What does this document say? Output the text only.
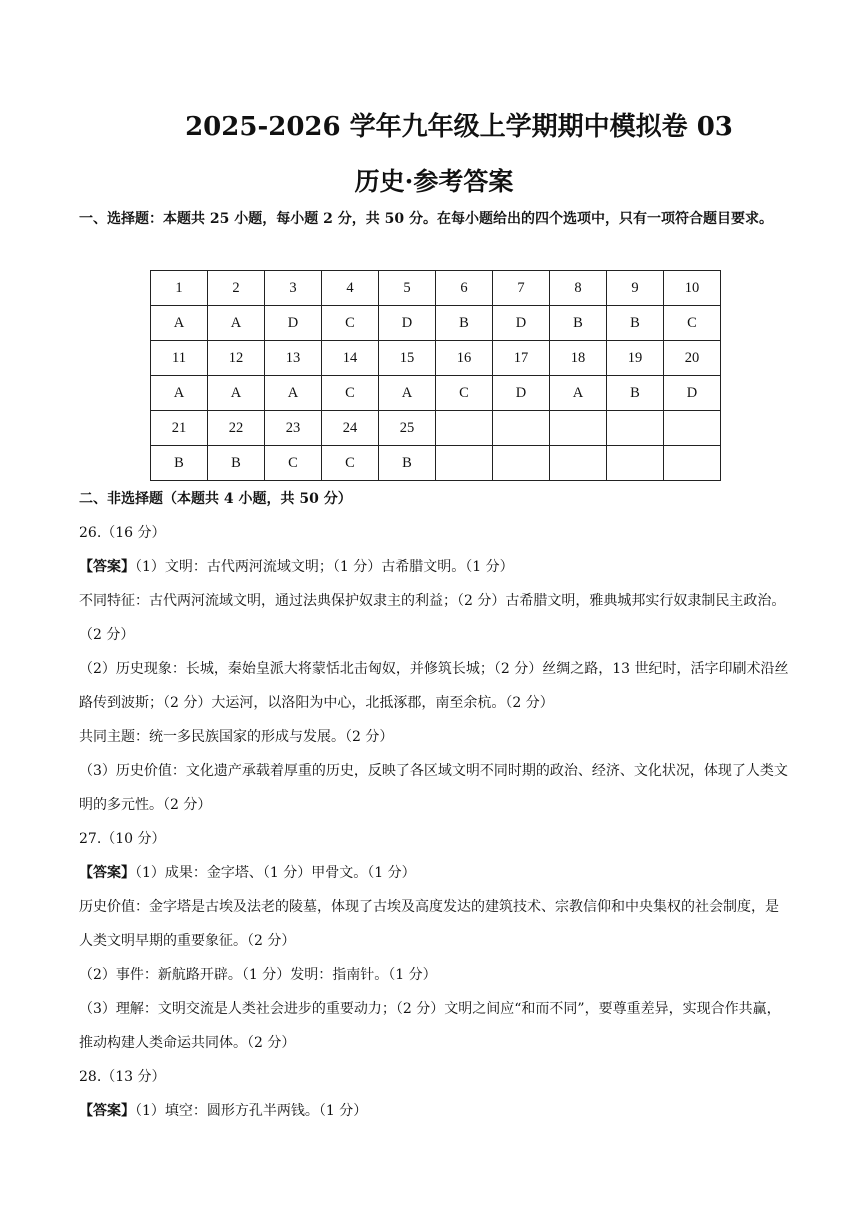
2025-2026 学年九年级上学期期中模拟卷 03
历史·参考答案
一、选择题：本题共 25 小题，每小题 2 分，共 50 分。在每小题给出的四个选项中，只有一项符合题目要求。
1	2	3	4	5	6	7	8	9	10
A	A	D	C	D	B	D	B	B	C
11	12	13	14	15	16	17	18	19	20
A	A	A	C	A	C	D	A	B	D
21	22	23	24	25					
B	B	C	C	B					
二、非选择题（本题共 4 小题，共 50 分）

26.（16 分）

【答案】（1）文明：古代两河流域文明；（1 分）古希腊文明。（1 分）

不同特征：古代两河流域文明，通过法典保护奴隶主的利益；（2 分）古希腊文明，雅典城邦实行奴隶制民主政治。（2 分）

（2）历史现象：长城，秦始皇派大将蒙恬北击匈奴，并修筑长城；（2 分）丝绸之路，13 世纪时，活字印刷术沿丝路传到波斯；（2 分）大运河，以洛阳为中心，北抵涿郡，南至余杭。（2 分）

共同主题：统一多民族国家的形成与发展。（2 分）

（3）历史价值：文化遗产承载着厚重的历史，反映了各区域文明不同时期的政治、经济、文化状况，体现了人类文明的多元性。（2 分）

27.（10 分）

【答案】（1）成果：金字塔、（1 分）甲骨文。（1 分）

历史价值：金字塔是古埃及法老的陵墓，体现了古埃及高度发达的建筑技术、宗教信仰和中央集权的社会制度，是人类文明早期的重要象征。（2 分）

（2）事件：新航路开辟。（1 分）发明：指南针。（1 分）

（3）理解：文明交流是人类社会进步的重要动力；（2 分）文明之间应“和而不同”，要尊重差异，实现合作共赢，推动构建人类命运共同体。（2 分）

28.（13 分）

【答案】（1）填空：圆形方孔半两钱。（1 分）
